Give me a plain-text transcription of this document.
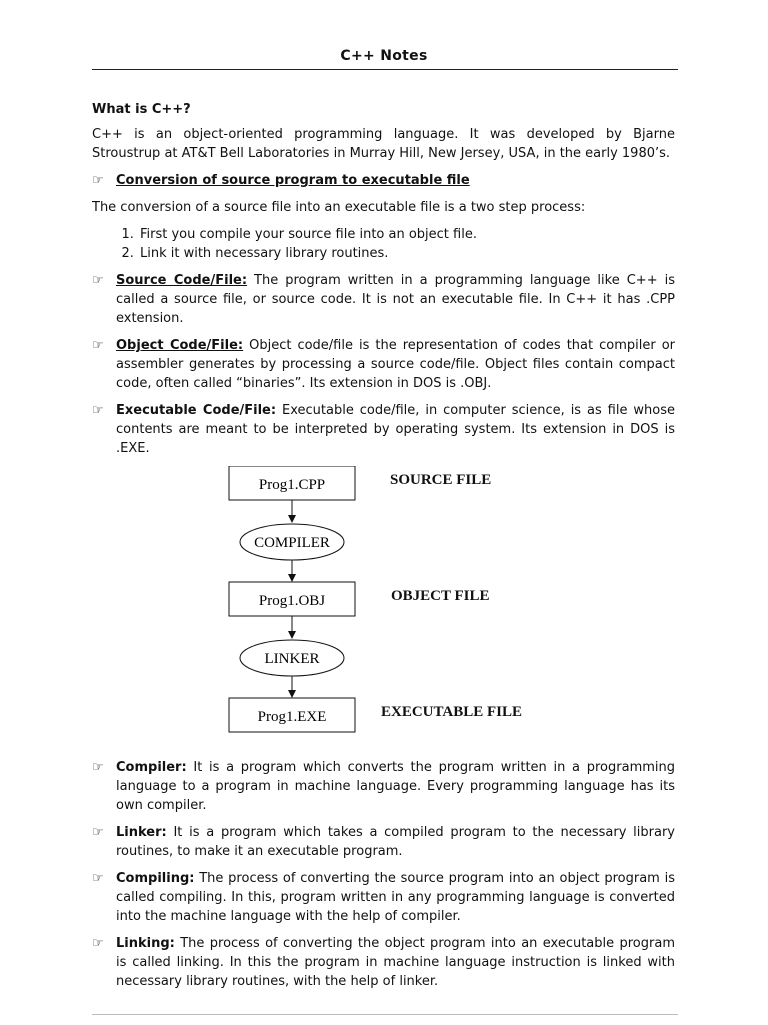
C++ Notes

What is C++?

C++ is an object-oriented programming language. It was developed by Bjarne Stroustrup at AT&T Bell Laboratories in Murray Hill, New Jersey, USA, in the early 1980’s.

☞ Conversion of source program to executable file

The conversion of a source file into an executable file is a two step process:

1. First you compile your source file into an object file.
2. Link it with necessary library routines.
☞ Source Code/File: The program written in a programming language like C++ is called a source file, or source code. It is not an executable file. In C++ it has .CPP extension.
☞ Object Code/File: Object code/file is the representation of codes that compiler or assembler generates by processing a source code/file. Object files contain compact code, often called “binaries”. Its extension in DOS is .OBJ.
☞ Executable Code/File: Executable code/file, in computer science, is as file whose contents are meant to be interpreted by operating system. Its extension in DOS is .EXE.
Prog1.CPP
COMPILER
Prog1.OBJ
LINKER
Prog1.EXE
SOURCE FILE
OBJECT FILE
EXECUTABLE FILE
☞ Compiler: It is a program which converts the program written in a programming language to a program in machine language. Every programming language has its own compiler.
☞ Linker: It is a program which takes a compiled program to the necessary library routines, to make it an executable program.
☞ Compiling: The process of converting the source program into an object program is called compiling. In this, program written in any programming language is converted into the machine language with the help of compiler.
☞ Linking: The process of converting the object program into an executable program is called linking. In this the program in machine language instruction is linked with necessary library routines, with the help of linker.
